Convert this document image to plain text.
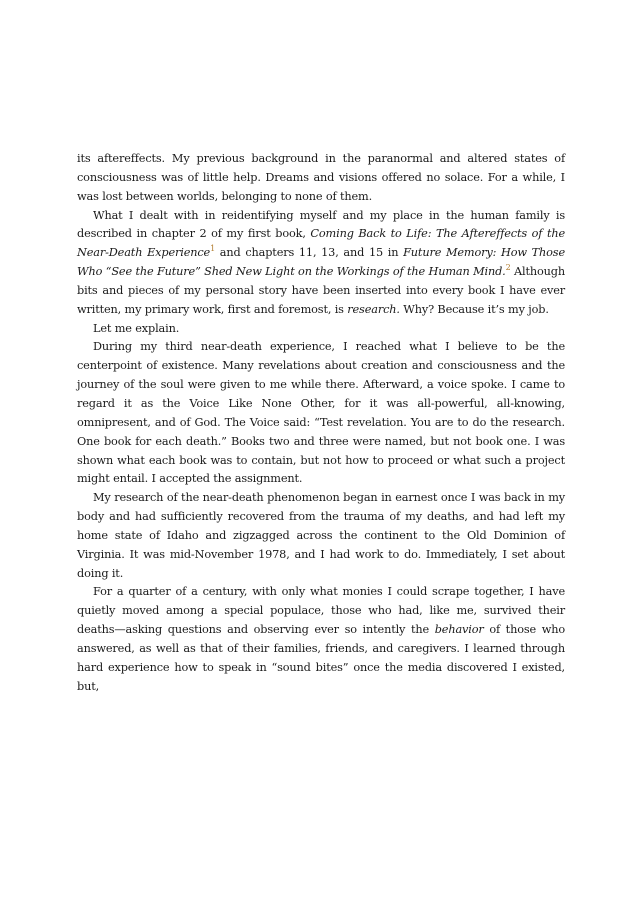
its aftereffects. My previous background in the paranormal and altered states of consciousness was of little help. Dreams and visions offered no solace. For a while, I was lost between worlds, belonging to none of them.

What I dealt with in reidentifying myself and my place in the human family is described in chapter 2 of my first book, Coming Back to Life: The Aftereffects of the Near-Death Experience$^1$ and chapters 11, 13, and 15 in Future Memory: How Those Who “See the Future” Shed New Light on the Workings of the Human Mind.$^2$ Although bits and pieces of my personal story have been inserted into every book I have ever written, my primary work, first and foremost, is research. Why? Because it’s my job.

Let me explain.

During my third near-death experience, I reached what I believe to be the centerpoint of existence. Many revelations about creation and consciousness and the journey of the soul were given to me while there. Afterward, a voice spoke. I came to regard it as the Voice Like None Other, for it was all-powerful, all-knowing, omnipresent, and of God. The Voice said: “Test revelation. You are to do the research. One book for each death.” Books two and three were named, but not book one. I was shown what each book was to contain, but not how to proceed or what such a project might entail. I accepted the assignment.

My research of the near-death phenomenon began in earnest once I was back in my body and had sufficiently recovered from the trauma of my deaths, and had left my home state of Idaho and zigzagged across the continent to the Old Dominion of Virginia. It was mid-November 1978, and I had work to do. Immediately, I set about doing it.

For a quarter of a century, with only what monies I could scrape together, I have quietly moved among a special populace, those who had, like me, survived their deaths—asking questions and observing ever so intently the behavior of those who answered, as well as that of their families, friends, and caregivers. I learned through hard experience how to speak in “sound bites” once the media discovered I existed, but,
